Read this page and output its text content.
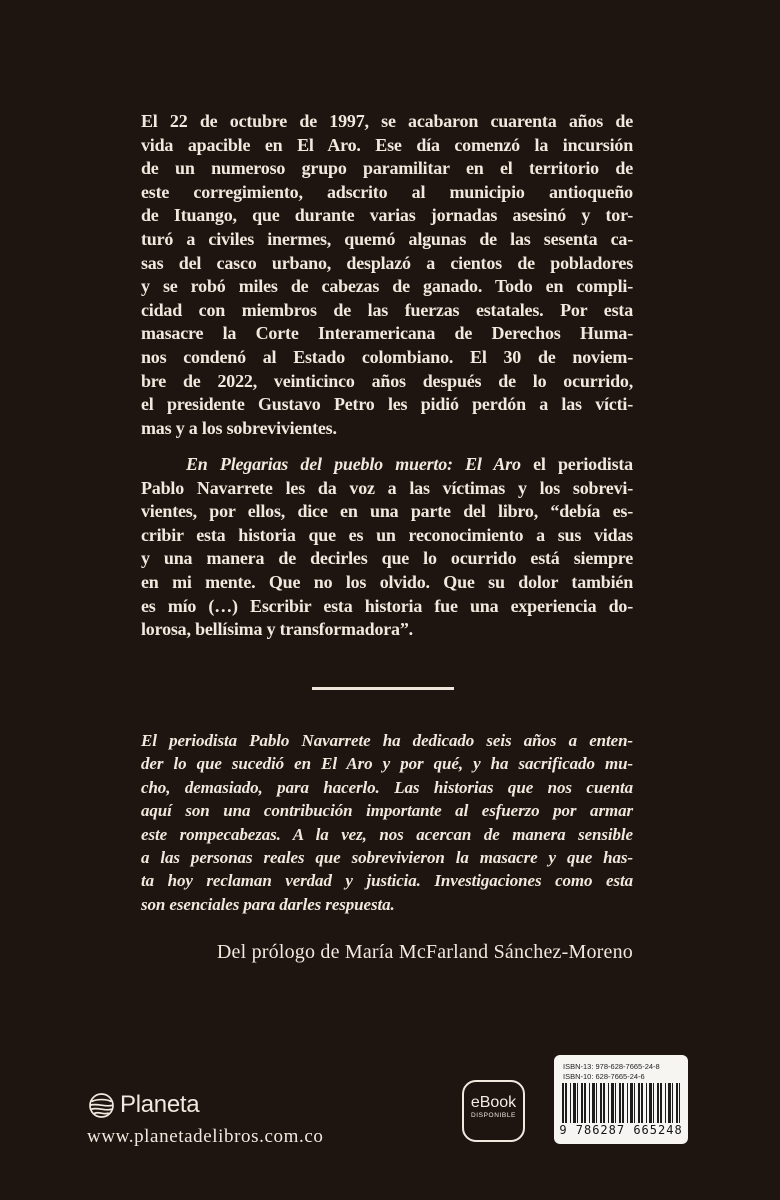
El 22 de octubre de 1997, se acabaron cuarenta años de
vida apacible en El Aro. Ese día comenzó la incursión
de un numeroso grupo paramilitar en el territorio de
este corregimiento, adscrito al municipio antioqueño
de Ituango, que durante varias jornadas asesinó y tor-
turó a civiles inermes, quemó algunas de las sesenta ca-
sas del casco urbano, desplazó a cientos de pobladores
y se robó miles de cabezas de ganado. Todo en compli-
cidad con miembros de las fuerzas estatales. Por esta
masacre la Corte Interamericana de Derechos Huma-
nos condenó al Estado colombiano. El 30 de noviem-
bre de 2022, veinticinco años después de lo ocurrido,
el presidente Gustavo Petro les pidió perdón a las vícti-
mas y a los sobrevivientes.
En Plegarias del pueblo muerto: El Aro el periodista
Pablo Navarrete les da voz a las víctimas y los sobrevi-
vientes, por ellos, dice en una parte del libro, “debía es-
cribir esta historia que es un reconocimiento a sus vidas
y una manera de decirles que lo ocurrido está siempre
en mi mente. Que no los olvido. Que su dolor también
es mío (…) Escribir esta historia fue una experiencia do-
lorosa, bellísima y transformadora”.
El periodista Pablo Navarrete ha dedicado seis años a enten-
der lo que sucedió en El Aro y por qué, y ha sacrificado mu-
cho, demasiado, para hacerlo. Las historias que nos cuenta
aquí son una contribución importante al esfuerzo por armar
este rompecabezas. A la vez, nos acercan de manera sensible
a las personas reales que sobrevivieron la masacre y que has-
ta hoy reclaman verdad y justicia. Investigaciones como esta
son esenciales para darles respuesta.
Del prólogo de María McFarland Sánchez-Moreno
Planeta
www.planetadelibros.com.co
eBook
DISPONIBLE
ISBN-13: 978-628-7665-24-8
ISBN-10: 628-7665-24-6
9 786287 665248
